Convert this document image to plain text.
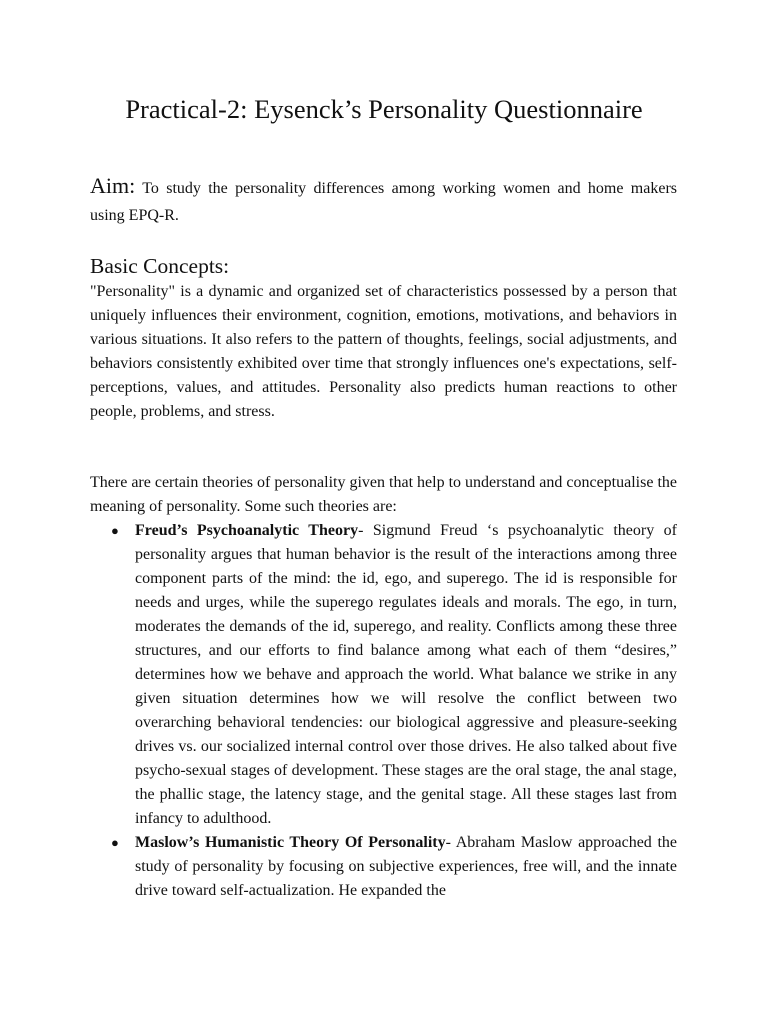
Practical-2: Eysenck’s Personality Questionnaire

Aim: To study the personality differences among working women and home makers using EPQ-R.

Basic Concepts:

"Personality" is a dynamic and organized set of characteristics possessed by a person that uniquely influences their environment, cognition, emotions, motivations, and behaviors in various situations. It also refers to the pattern of thoughts, feelings, social adjustments, and behaviors consistently exhibited over time that strongly influences one's expectations, self-perceptions, values, and attitudes. Personality also predicts human reactions to other people, problems, and stress.

There are certain theories of personality given that help to understand and conceptualise the meaning of personality. Some such theories are:

● Freud’s Psychoanalytic Theory- Sigmund Freud ‘s psychoanalytic theory of personality argues that human behavior is the result of the interactions among three component parts of the mind: the id, ego, and superego. The id is responsible for needs and urges, while the superego regulates ideals and morals. The ego, in turn, moderates the demands of the id, superego, and reality. Conflicts among these three structures, and our efforts to find balance among what each of them “desires,” determines how we behave and approach the world. What balance we strike in any given situation determines how we will resolve the conflict between two overarching behavioral tendencies: our biological aggressive and pleasure-seeking drives vs. our socialized internal control over those drives. He also talked about five psycho-sexual stages of development. These stages are the oral stage, the anal stage, the phallic stage, the latency stage, and the genital stage. All these stages last from infancy to adulthood.
● Maslow’s Humanistic Theory Of Personality- Abraham Maslow approached the study of personality by focusing on subjective experiences, free will, and the innate drive toward self-actualization. He expanded the
